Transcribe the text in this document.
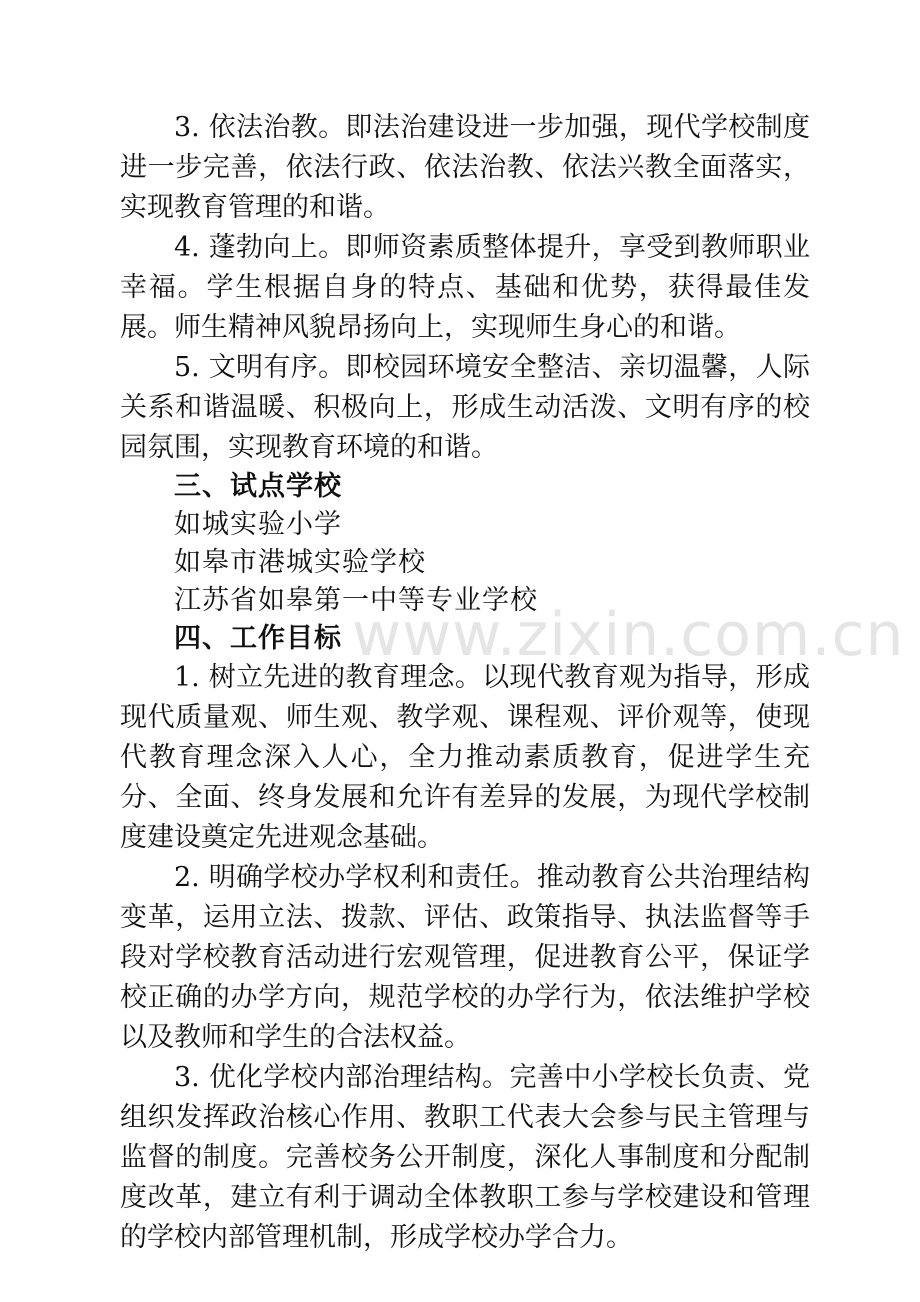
3. 依法治教。即法治建设进一步加强，现代学校制度进一步完善，依法行政、依法治教、依法兴教全面落实，实现教育管理的和谐。

4. 蓬勃向上。即师资素质整体提升，享受到教师职业幸福。学生根据自身的特点、基础和优势，获得最佳发展。师生精神风貌昂扬向上，实现师生身心的和谐。

5. 文明有序。即校园环境安全整洁、亲切温馨，人际关系和谐温暖、积极向上，形成生动活泼、文明有序的校园氛围，实现教育环境的和谐。

三、试点学校

如城实验小学

如皋市港城实验学校

江苏省如皋第一中等专业学校

四、工作目标

1. 树立先进的教育理念。以现代教育观为指导，形成现代质量观、师生观、教学观、课程观、评价观等，使现代教育理念深入人心，全力推动素质教育，促进学生充分、全面、终身发展和允许有差异的发展，为现代学校制度建设奠定先进观念基础。

2. 明确学校办学权利和责任。推动教育公共治理结构变革，运用立法、拨款、评估、政策指导、执法监督等手段对学校教育活动进行宏观管理，促进教育公平，保证学校正确的办学方向，规范学校的办学行为，依法维护学校以及教师和学生的合法权益。

3. 优化学校内部治理结构。完善中小学校长负责、党组织发挥政治核心作用、教职工代表大会参与民主管理与监督的制度。完善校务公开制度，深化人事制度和分配制度改革，建立有利于调动全体教职工参与学校建设和管理的学校内部管理机制，形成学校办学合力。

www.zixin.com.cn
